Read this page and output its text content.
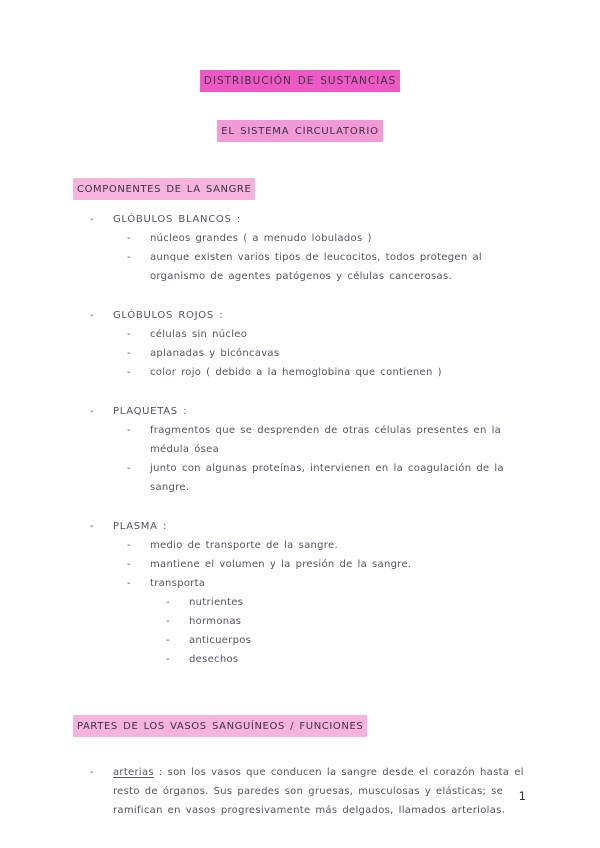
DISTRIBUCIÓN DE SUSTANCIAS
EL SISTEMA CIRCULATORIO
COMPONENTES DE LA SANGRE
- GLÓBULOS BLANCOS :
- núcleos grandes ( a menudo lobulados )
- aunque existen varios tipos de leucocitos, todos protegen al organismo de agentes patógenos y células cancerosas.
- GLÓBULOS ROJOS :
- células sin núcleo
- aplanadas y bicóncavas
- color rojo ( debido a la hemoglobina que contienen )
- PLAQUETAS :
- fragmentos que se desprenden de otras células presentes en la médula ósea
- junto con algunas proteínas, intervienen en la coagulación de la sangre.
- PLASMA :
- medio de transporte de la sangre.
- mantiene el volumen y la presión de la sangre.
- transporta
- nutrientes
- hormonas
- anticuerpos
- desechos
PARTES DE LOS VASOS SANGUÍNEOS / FUNCIONES
- arterias : son los vasos que conducen la sangre desde el corazón hasta el resto de órganos. Sus paredes son gruesas, musculosas y elásticas; se ramifican en vasos progresivamente más delgados, llamados arteriolas.
1
